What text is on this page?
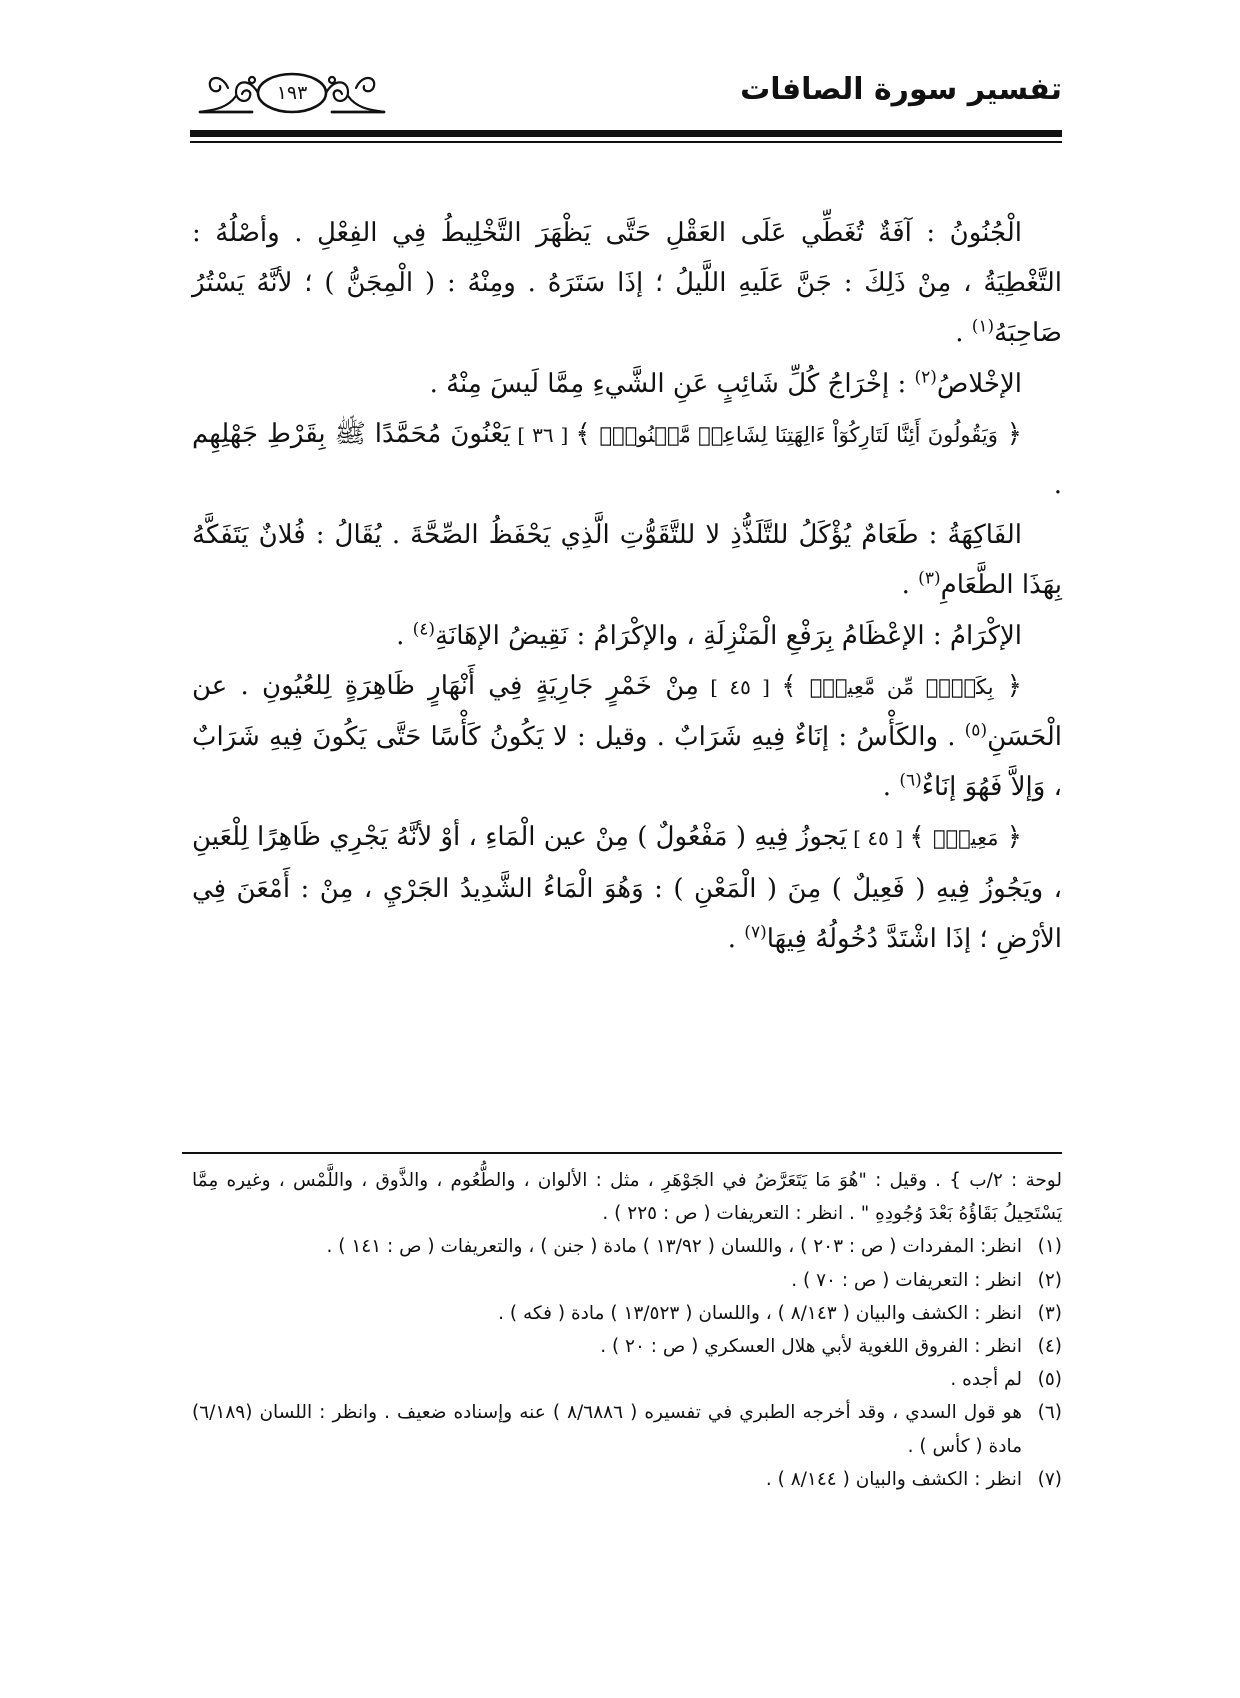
تفسير سورة الصافات
١٩٣

الْجُنُونُ : آفَةٌ تُغَطِّي عَلَى العَقْلِ حَتَّى يَظْهَرَ التَّخْلِيطُ فِي الفِعْلِ . وأصْلُهُ : التَّغْطِيَةُ ، مِنْ ذَلِكَ : جَنَّ عَلَيهِ اللَّيلُ ؛ إذَا سَتَرَهُ . ومِنْهُ : ( الْمِجَنُّ ) ؛ لأنَّهُ يَسْتُرُ صَاحِبَهُ$^{(١)}$ .

الإخْلاصُ$^{(٢)}$ : إخْرَاجُ كُلِّ شَائِبٍ عَنِ الشَّيءِ مِمَّا لَيسَ مِنْهُ .

﴿ وَيَقُولُونَ أَئِنَّا لَتَارِكُوٓاْ ءَالِهَتِنَا لِشَاعِرٖ مَّجۡنُونِۭ ﴾ [ ٣٦ ] يَعْنُونَ مُحَمَّدًا ﷺ بِقَرْطِ جَهْلِهِم .

الفَاكِهَةُ : طَعَامٌ يُؤْكَلُ للتَّلَذُّذِ لا للتَّقَوُّتِ الَّذِي يَحْفَظُ الصِّحَّةَ . يُقَالُ : فُلانٌ يَتَفَكَّهُ بِهَذَا الطَّعَامِ$^{(٣)}$ .

الإكْرَامُ : الإعْظَامُ بِرَفْعِ الْمَنْزِلَةِ ، والإكْرَامُ : نَقِيضُ الإهَانَةِ$^{(٤)}$ .

﴿ بِكَأۡسٖ مِّن مَّعِينِۭ ﴾ [ ٤٥ ] مِنْ خَمْرٍ جَارِيَةٍ فِي أَنْهَارٍ ظَاهِرَةٍ لِلعُيُونِ . عن الْحَسَنِ$^{(٥)}$ . والكَأْسُ : إنَاءٌ فِيهِ شَرَابٌ . وقيل : لا يَكُونُ كَأْسًا حَتَّى يَكُونَ فِيهِ شَرَابٌ ، وَإلاَّ فَهُوَ إنَاءٌ$^{(٦)}$ .

﴿ مَعِينِۭ ﴾ [ ٤٥ ] يَجوزُ فِيهِ ( مَفْعُولٌ ) مِنْ عين الْمَاءِ ، أوْ لأنَّهُ يَجْرِي ظَاهِرًا لِلْعَينِ ، ويَجُوزُ فِيهِ ( فَعِيلٌ ) مِنَ ( الْمَعْنِ ) : وَهُوَ الْمَاءُ الشَّدِيدُ الجَرْيِ ، مِنْ : أَمْعَنَ فِي الأرْضِ ؛ إذَا اشْتَدَّ دُخُولُهُ فِيهَا$^{(٧)}$ .

لوحة : ٢/ب } . وقيل : "هُوَ مَا يَتَعَرَّضُ في الجَوْهَرِ ، مثل : الألوان ، والطُّعُوم ، والذَّوق ، واللَّمْس ، وغيره مِمَّا يَسْتَحِيلُ بَقَاؤُهُ بَعْدَ وُجُودِهِ " . انظر : التعريفات ( ص : ٢٢٥ ) .

(١)
انظر: المفردات ( ص : ٢٠٣ ) ، واللسان ( ١٣/٩٢ ) مادة ( جنن ) ، والتعريفات ( ص : ١٤١ ) .
(٢)
انظر : التعريفات ( ص : ٧٠ ) .
(٣)
انظر : الكشف والبيان ( ٨/١٤٣ ) ، واللسان ( ١٣/٥٢٣ ) مادة ( فكه ) .
(٤)
انظر : الفروق اللغوية لأبي هلال العسكري ( ص : ٢٠ ) .
(٥)
لم أجده .
(٦)
هو قول السدي ، وقد أخرجه الطبري في تفسيره ( ٨/٦٨٨٦ ) عنه وإسناده ضعيف . وانظر : اللسان (٦/١٨٩) مادة ( كأس ) .
(٧)
انظر : الكشف والبيان ( ٨/١٤٤ ) .
